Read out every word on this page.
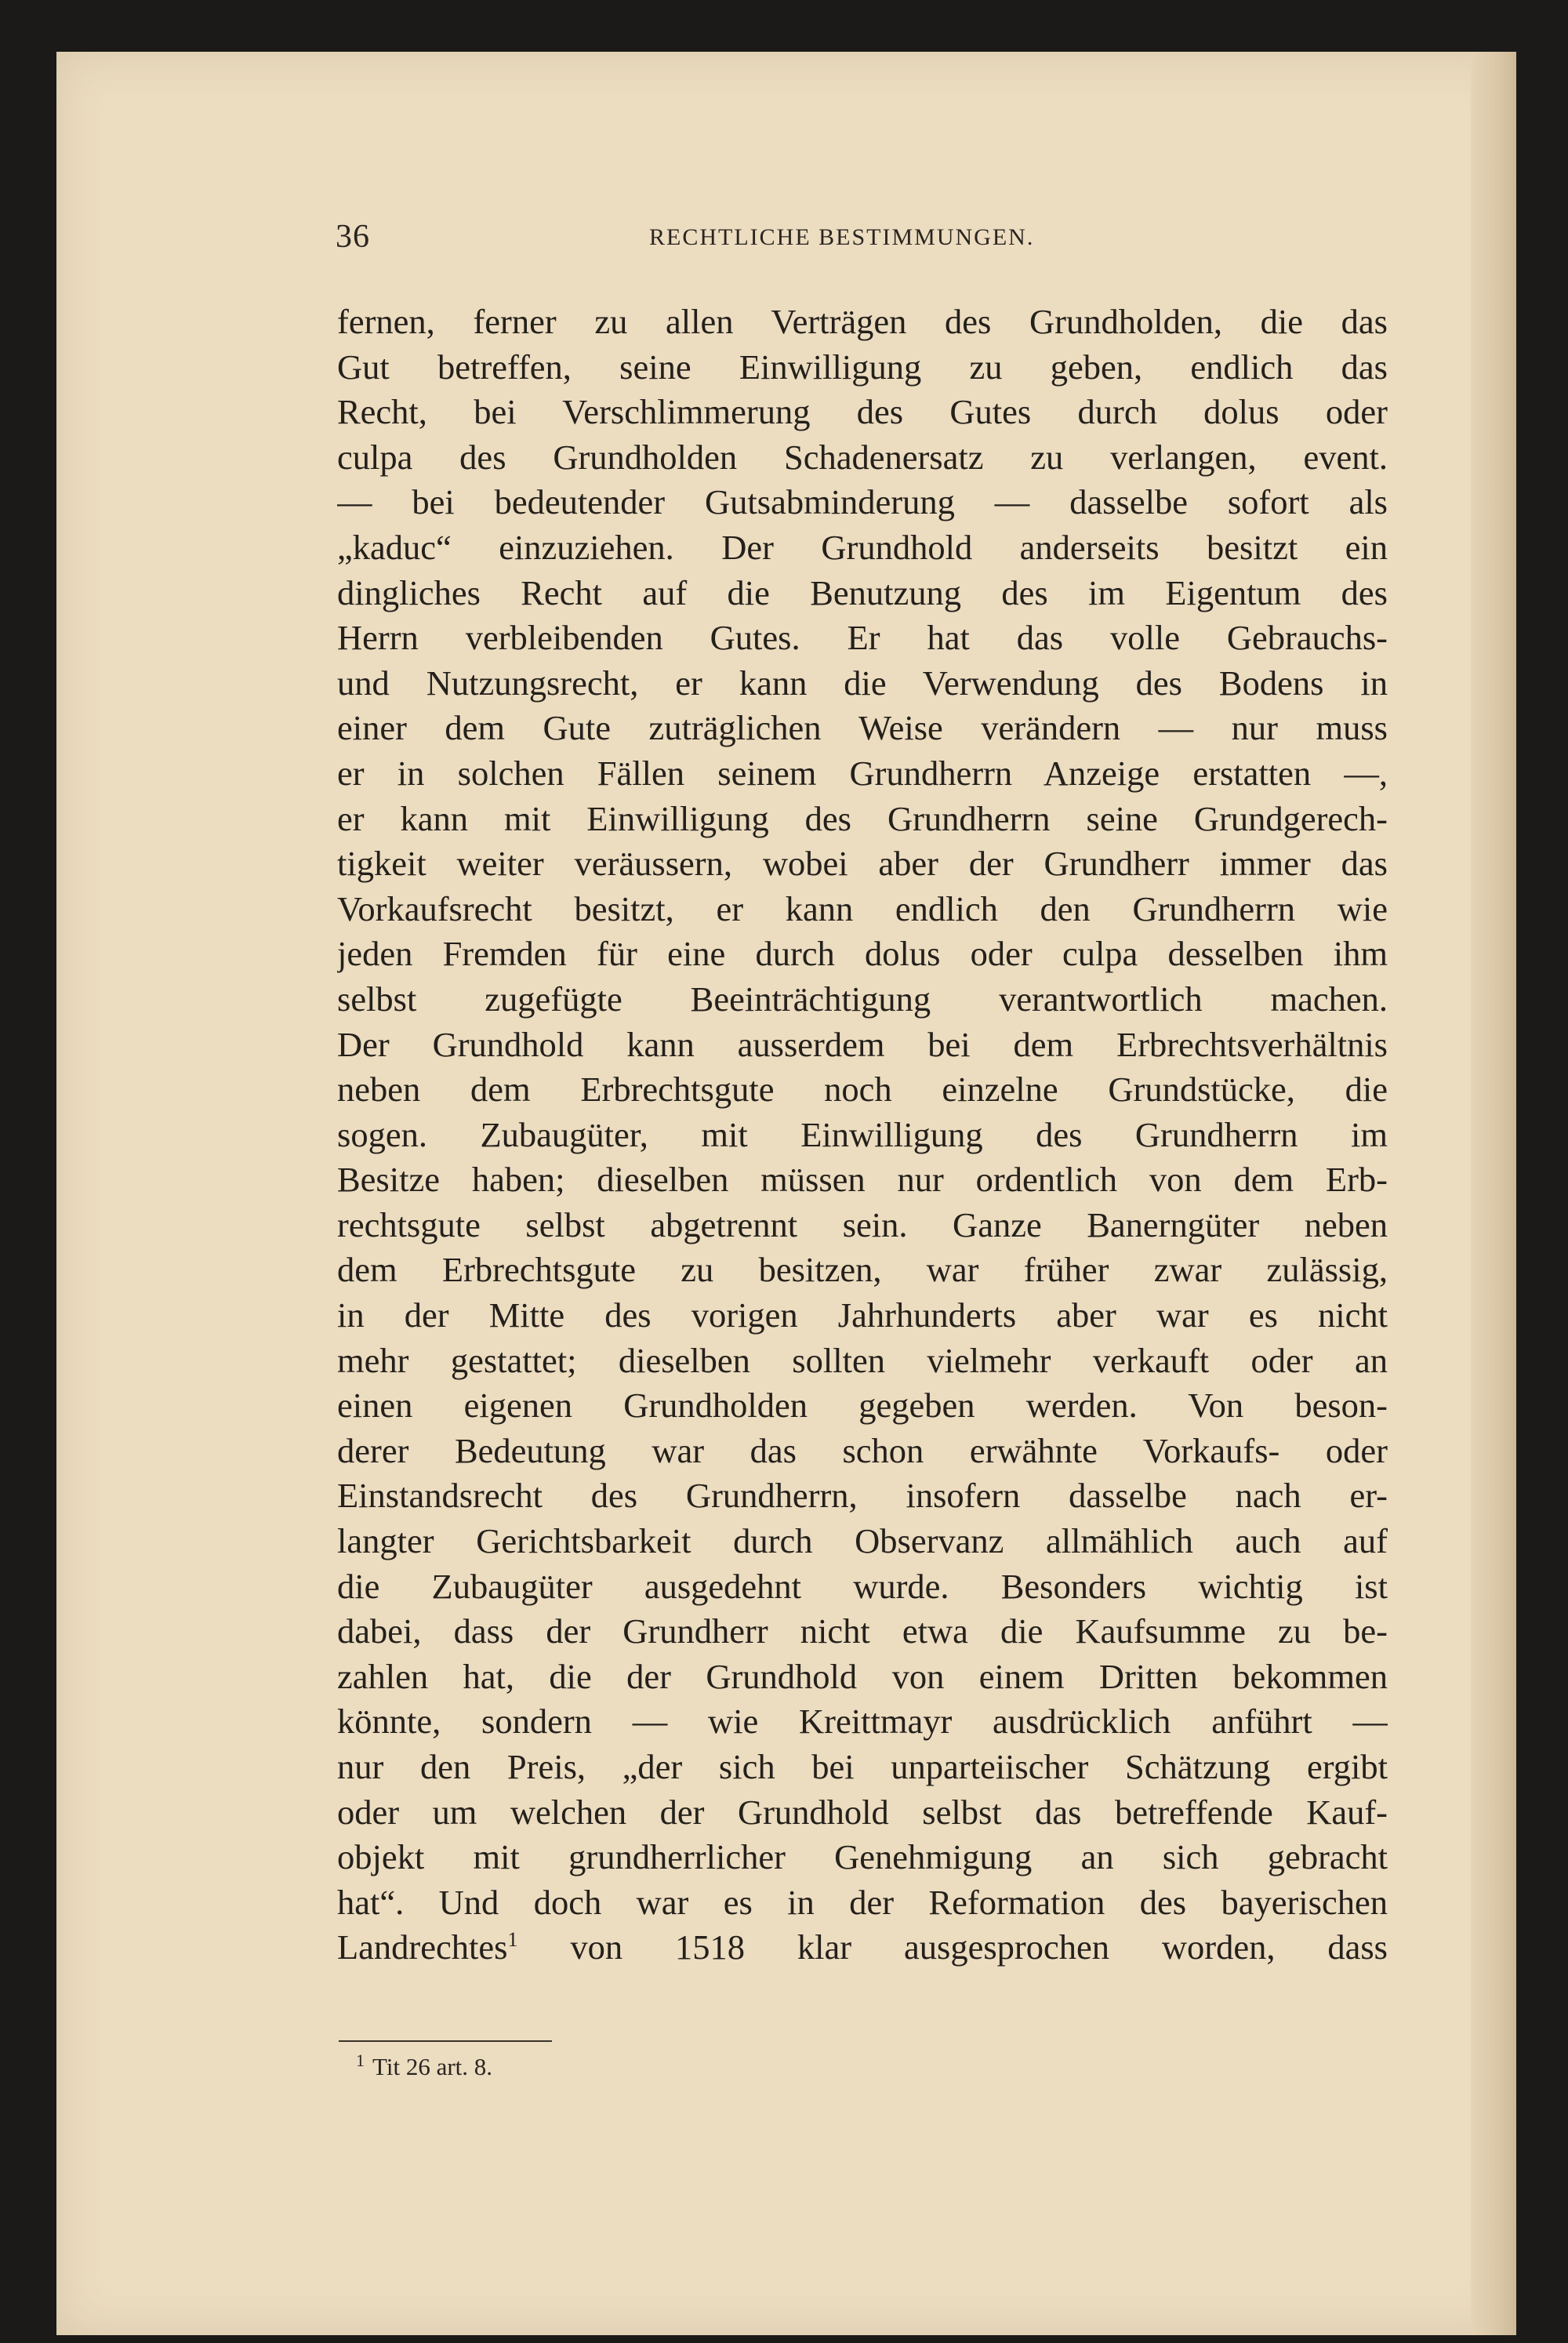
fernen, ferner zu allen Verträgen des Grundholden, die das
Gut betreffen, seine Einwilligung zu geben, endlich das
Recht, bei Verschlimmerung des Gutes durch dolus oder
culpa des Grundholden Schadenersatz zu verlangen, event.
— bei bedeutender Gutsabminderung — dasselbe sofort als
„kaduc“ einzuziehen. Der Grundhold anderseits besitzt ein
dingliches Recht auf die Benutzung des im Eigentum des
Herrn verbleibenden Gutes. Er hat das volle Gebrauchs-
und Nutzungsrecht, er kann die Verwendung des Bodens in
einer dem Gute zuträglichen Weise verändern — nur muss
er in solchen Fällen seinem Grundherrn Anzeige erstatten —,
er kann mit Einwilligung des Grundherrn seine Grundgerech-
tigkeit weiter veräussern, wobei aber der Grundherr immer das
Vorkaufsrecht besitzt, er kann endlich den Grundherrn wie
jeden Fremden für eine durch dolus oder culpa desselben ihm
selbst zugefügte Beeinträchtigung verantwortlich machen.
Der Grundhold kann ausserdem bei dem Erbrechtsverhältnis
neben dem Erbrechtsgute noch einzelne Grundstücke, die
sogen. Zubaugüter, mit Einwilligung des Grundherrn im
Besitze haben; dieselben müssen nur ordentlich von dem Erb-
rechtsgute selbst abgetrennt sein. Ganze Banerngüter neben
dem Erbrechtsgute zu besitzen, war früher zwar zulässig,
in der Mitte des vorigen Jahrhunderts aber war es nicht
mehr gestattet; dieselben sollten vielmehr verkauft oder an
einen eigenen Grundholden gegeben werden. Von beson-
derer Bedeutung war das schon erwähnte Vorkaufs- oder
Einstandsrecht des Grundherrn, insofern dasselbe nach er-
langter Gerichtsbarkeit durch Observanz allmählich auch auf
die Zubaugüter ausgedehnt wurde. Besonders wichtig ist
dabei, dass der Grundherr nicht etwa die Kaufsumme zu be-
zahlen hat, die der Grundhold von einem Dritten bekommen
könnte, sondern — wie Kreittmayr ausdrücklich anführt —
nur den Preis, „der sich bei unparteiischer Schätzung ergibt
oder um welchen der Grundhold selbst das betreffende Kauf-
objekt mit grundherrlicher Genehmigung an sich gebracht
hat“. Und doch war es in der Reformation des bayerischen
Landrechtes$^1$ von 1518 klar ausgesprochen worden, dass
$^1$ Tit 26 art. 8.
36	RECHTLICHE BESTIMMUNGEN.
